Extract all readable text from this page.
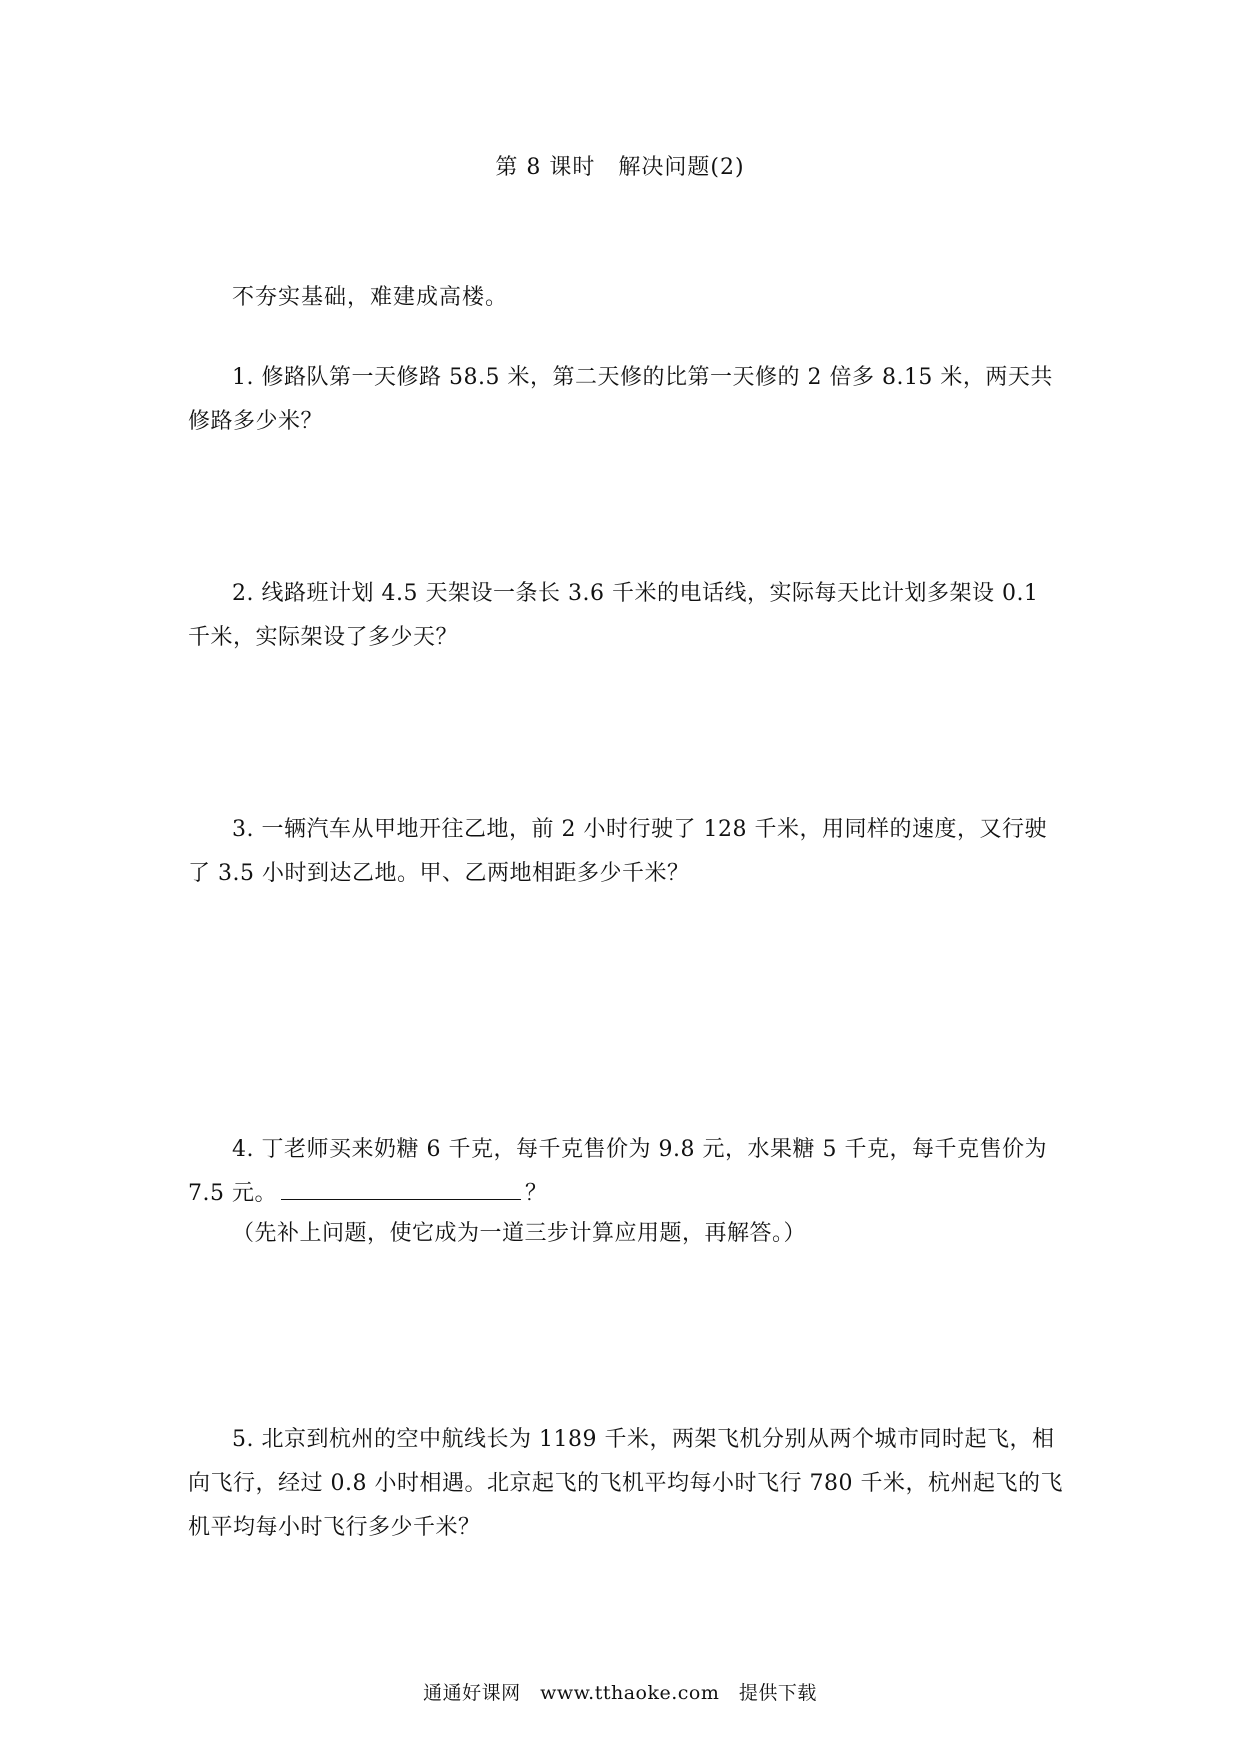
第 8 课时　解决问题(2)
不夯实基础，难建成高楼。
1. 修路队第一天修路 58.5 米，第二天修的比第一天修的 2 倍多 8.15 米，两天共修路多少米？
2. 线路班计划 4.5 天架设一条长 3.6 千米的电话线，实际每天比计划多架设 0.1 千米，实际架设了多少天？
3. 一辆汽车从甲地开往乙地，前 2 小时行驶了 128 千米，用同样的速度，又行驶了 3.5 小时到达乙地。甲、乙两地相距多少千米？
4. 丁老师买来奶糖 6 千克，每千克售价为 9.8 元，水果糖 5 千克，每千克售价为 7.5 元。	？
（先补上问题，使它成为一道三步计算应用题，再解答。）
5. 北京到杭州的空中航线长为 1189 千米，两架飞机分别从两个城市同时起飞，相向飞行，经过 0.8 小时相遇。北京起飞的飞机平均每小时飞行 780 千米，杭州起飞的飞机平均每小时飞行多少千米？
通通好课网　www.tthaoke.com　提供下载
